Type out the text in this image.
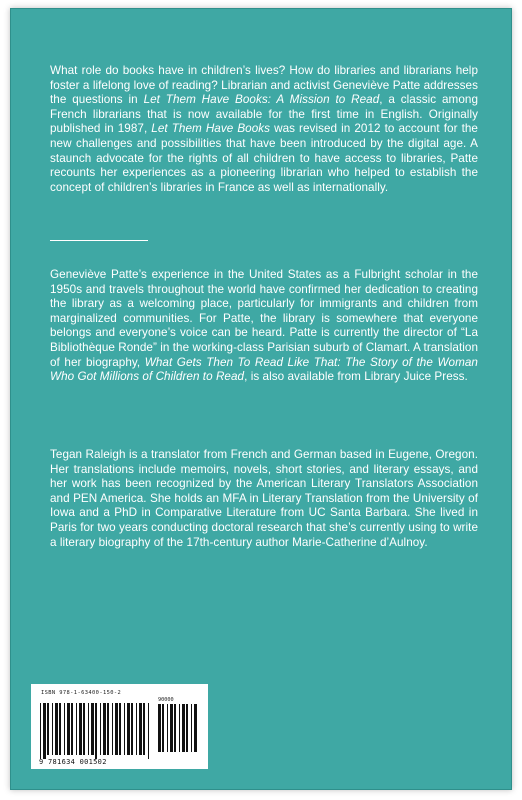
What role do books have in children’s lives? How do libraries and librarians help foster a lifelong love of reading? Librarian and activist Geneviève Patte addresses the questions in Let Them Have Books: A Mission to Read, a classic among French librarians that is now available for the first time in English. Originally published in 1987, Let Them Have Books was revised in 2012 to account for the new challenges and possibilities that have been introduced by the digital age. A staunch advocate for the rights of all children to have access to libraries, Patte recounts her experiences as a pioneering librarian who helped to establish the concept of children’s libraries in France as well as internationally.

Geneviève Patte’s experience in the United States as a Fulbright scholar in the 1950s and travels throughout the world have confirmed her dedication to creating the library as a welcoming place, particularly for immigrants and children from marginalized communities. For Patte, the library is somewhere that everyone belongs and everyone’s voice can be heard. Patte is currently the director of “La Bibliothèque Ronde” in the working-class Parisian suburb of Clamart. A translation of her biography, What Gets Then To Read Like That: The Story of the Woman Who Got Millions of Children to Read, is also available from Library Juice Press.

Tegan Raleigh is a translator from French and German based in Eugene, Oregon. Her translations include memoirs, novels, short stories, and literary essays, and her work has been recognized by the American Literary Translators Association and PEN America. She holds an MFA in Literary Translation from the University of Iowa and a PhD in Comparative Literature from UC Santa Barbara. She lived in Paris for two years conducting doctoral research that she’s currently using to write a literary biography of the 17th-century author Marie-Catherine d’Aulnoy.

ISBN 978-1-63400-150-2
90000
9 781634 001502
